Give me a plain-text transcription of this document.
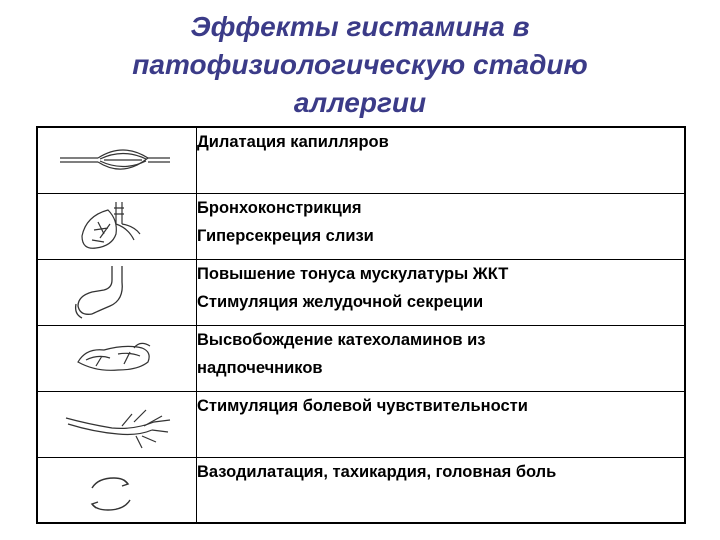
Эффекты гистамина в
патофизиологическую стадию
аллергии

Дилатация капилляров

Бронхоконстрикция
Гиперсекреция слизи

Повышение тонуса мускулатуры ЖКТ
Стимуляция желудочной секреции

Высвобождение катехоламинов из
надпочечников

Стимуляция болевой чувствительности

Вазодилатация, тахикардия, головная боль
